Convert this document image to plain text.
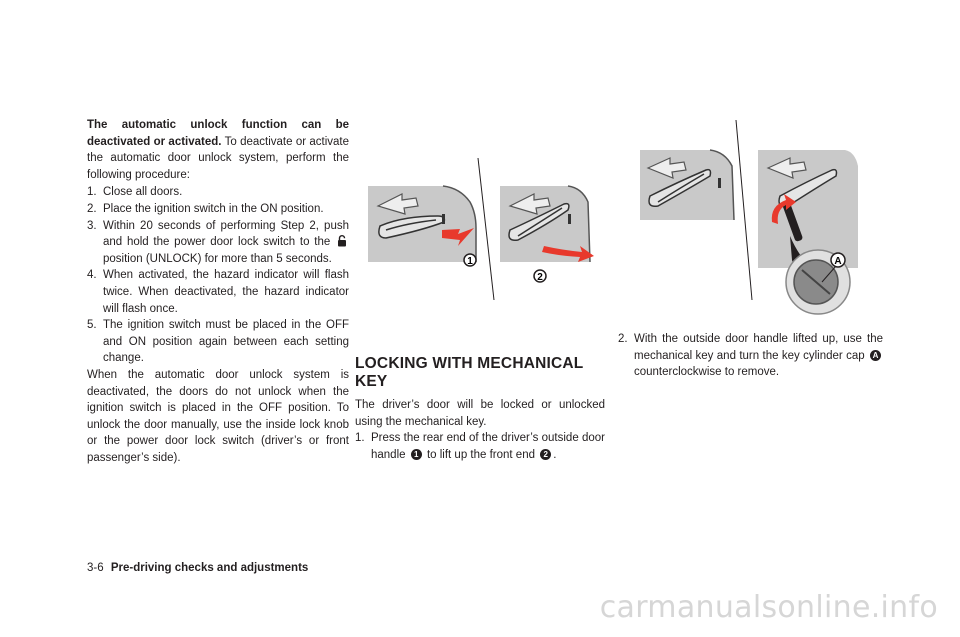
The automatic unlock function can be deactivated or activated. To deactivate or activate the automatic door unlock system, perform the following procedure:

1. Close all doors.
2. Place the ignition switch in the ON position.
3. Within 20 seconds of performing Step 2, push and hold the power door lock switch to the  position (UNLOCK) for more than 5 seconds.
4. When activated, the hazard indicator will flash twice. When deactivated, the hazard indicator will flash once.
5. The ignition switch must be placed in the OFF and ON position again between each setting change.

When the automatic door unlock system is deactivated, the doors do not unlock when the ignition switch is placed in the OFF position. To unlock the door manually, use the inside lock knob or the power door lock switch (driver’s or front passenger’s side).

1
2
A

LOCKING WITH MECHANICAL KEY

The driver’s door will be locked or unlocked using the mechanical key.

1. Press the rear end of the driver’s outside door handle 1 to lift up the front end 2 .
2. With the outside door handle lifted up, use the mechanical key and turn the key cylinder cap A counterclockwise to remove.
3-6 Pre-driving checks and adjustments
carmanualsonline.info
